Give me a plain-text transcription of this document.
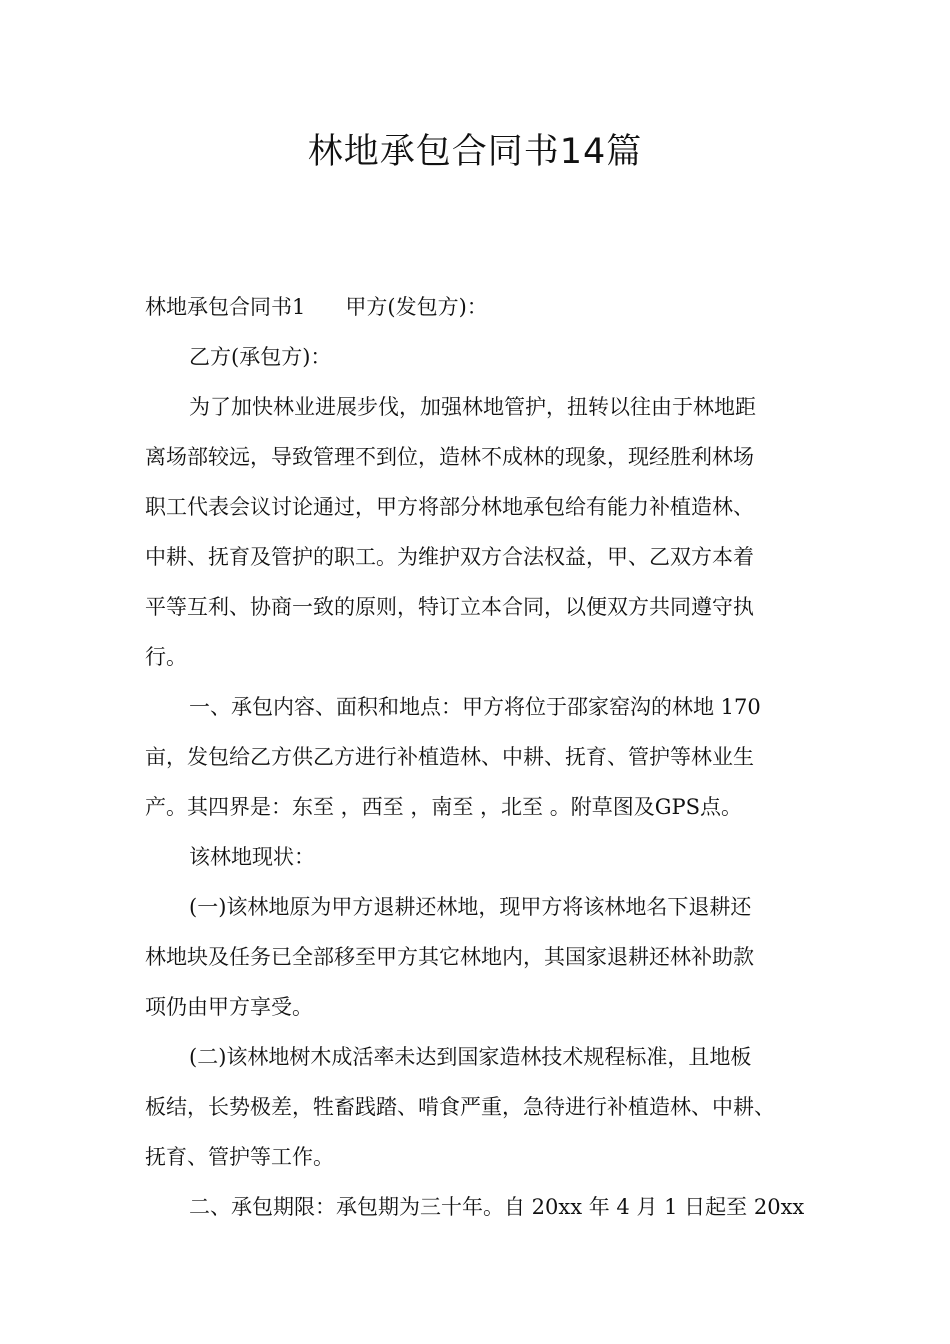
林地承包合同书14篇
林地承包合同书1 甲方(发包方)：
乙方(承包方)：
为了加快林业进展步伐，加强林地管护，扭转以往由于林地距
离场部较远，导致管理不到位，造林不成林的现象，现经胜利林场
职工代表会议讨论通过，甲方将部分林地承包给有能力补植造林、
中耕、抚育及管护的职工。为维护双方合法权益，甲、乙双方本着
平等互利、协商一致的原则，特订立本合同，以便双方共同遵守执
行。
一、承包内容、面积和地点：甲方将位于邵家窑沟的林地 170
亩，发包给乙方供乙方进行补植造林、中耕、抚育、管护等林业生
产。其四界是：东至 ，西至 ，南至 ，北至 。附草图及GPS点。
该林地现状：
(一)该林地原为甲方退耕还林地，现甲方将该林地名下退耕还
林地块及任务已全部移至甲方其它林地内，其国家退耕还林补助款
项仍由甲方享受。
(二)该林地树木成活率未达到国家造林技术规程标准，且地板
板结，长势极差，牲畜践踏、啃食严重，急待进行补植造林、中耕、
抚育、管护等工作。
二、承包期限：承包期为三十年。自 20xx 年 4 月 1 日起至 20xx
